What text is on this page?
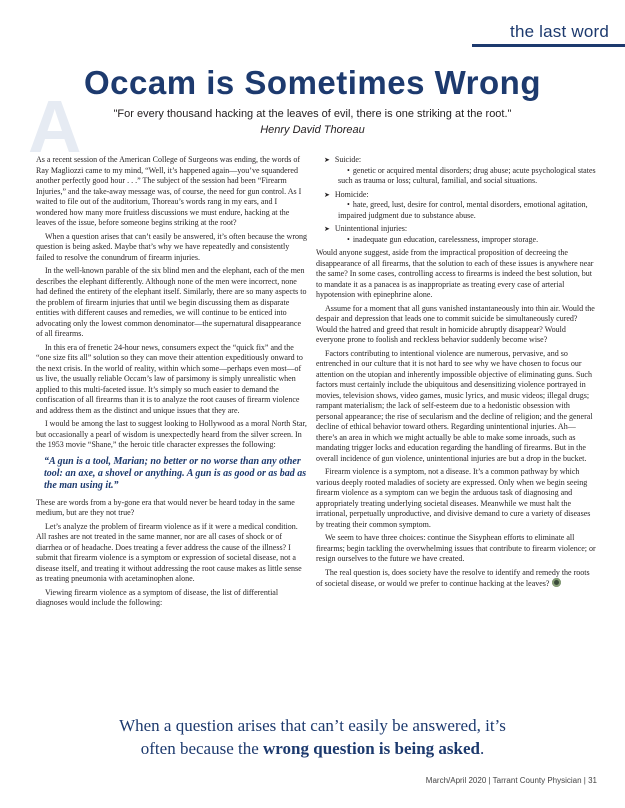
the last word
A
Occam is Sometimes Wrong
"For every thousand hacking at the leaves of evil, there is one striking at the root."
Henry David Thoreau

As a recent session of the American College of Surgeons was ending, the words of Ray Magliozzi came to my mind, “Well, it’s happened again—you’ve squandered another perfectly good hour . . .” The subject of the session had been “Firearm Injuries,” and the take-away message was, of course, the need for gun control. As I waited to file out of the auditorium, Thoreau’s words rang in my ears, and I wondered how many more fruitless discussions we must endure, hacking at the leaves of the issue, before someone begins striking at the root?

When a question arises that can’t easily be answered, it’s often because the wrong question is being asked. Maybe that’s why we have repeatedly and consistently failed to resolve the conundrum of firearm injuries.

In the well-known parable of the six blind men and the elephant, each of the men describes the elephant differently. Although none of the men were incorrect, none had defined the entirety of the elephant itself. Similarly, there are so many aspects to the problem of firearm injuries that until we begin discussing them as disparate entities with different causes and remedies, we will continue to be enticed into advocating only the lowest common denominator—the supernatural disappearance of all firearms.

In this era of frenetic 24-hour news, consumers expect the “quick fix” and the “one size fits all” solution so they can move their attention expeditiously onward to the next crisis. In the world of reality, within which some—perhaps even most—of us live, the usually reliable Occam’s law of parsimony is simply unrealistic when applied to this multi-faceted issue. It’s simply so much easier to demand the confiscation of all firearms than it is to analyze the root causes of firearm violence and address them as the distinct and unique issues that they are.

I would be among the last to suggest looking to Hollywood as a moral North Star, but occasionally a pearl of wisdom is unexpectedly heard from the silver screen. In the 1953 movie “Shane,” the heroic title character expresses the following:

“A gun is a tool, Marian; no better or no worse than any other tool: an axe, a shovel or anything. A gun is as good or as bad as the man using it.”

These are words from a by-gone era that would never be heard today in the same medium, but are they not true?

Let’s analyze the problem of firearm violence as if it were a medical condition. All rashes are not treated in the same manner, nor are all cases of shock or of diarrhea or of headache. Does treating a fever address the cause of the illness? I submit that firearm violence is a symptom or expression of societal disease, not a disease itself, and treating it without addressing the root cause makes as little sense as treating pneumonia with acetaminophen alone.

Viewing firearm violence as a symptom of disease, the list of differential diagnoses would include the following:

➤ Suicide:

• genetic or acquired mental disorders; drug abuse; acute psychological states such as trauma or loss; cultural, familial, and social situations.

➤ Homicide:

• hate, greed, lust, desire for control, mental disorders, emotional agitation, impaired judgment due to substance abuse.

➤ Unintentional injuries:

• inadequate gun education, carelessness, improper storage.

Would anyone suggest, aside from the impractical proposition of decreeing the disappearance of all firearms, that the solution to each of these issues is anywhere near the same? In some cases, controlling access to firearms is indeed the best solution, but to mandate it as a panacea is as inappropriate as treating every case of arterial hypotension with epinephrine alone.

Assume for a moment that all guns vanished instantaneously into thin air. Would the despair and depression that leads one to commit suicide be simultaneously cured? Would the hatred and greed that result in homicide abruptly disappear? Would everyone prone to foolish and reckless behavior suddenly become wise?

Factors contributing to intentional violence are numerous, pervasive, and so entrenched in our culture that it is not hard to see why we have chosen to focus our attention on the utopian and inherently impossible objective of eliminating guns. Such factors must certainly include the ubiquitous and desensitizing violence portrayed in movies, television shows, video games, music lyrics, and music videos; illegal drugs; rampant materialism; the lack of self-esteem due to a hedonistic obsession with personal appearance; the rise of secularism and the decline of religion; and the general decline of ethical behavior toward others. Regarding unintentional injuries. Ah—there’s an area in which we might actually be able to make some inroads, such as mandating trigger locks and education regarding the handling of firearms. But in the overall incidence of gun violence, unintentional injuries are but a drop in the bucket.

Firearm violence is a symptom, not a disease. It’s a common pathway by which various deeply rooted maladies of society are expressed. Only when we begin seeing firearm violence as a symptom can we begin the arduous task of diagnosing and appropriately treating underlying societal diseases. Meanwhile we must halt the irrational, perpetually unproductive, and divisive demand to cure a variety of diseases by treating their common symptom.

We seem to have three choices: continue the Sisyphean efforts to eliminate all firearms; begin tackling the overwhelming issues that contribute to firearm violence; or resign ourselves to the future we have created.

The real question is, does society have the resolve to identify and remedy the roots of societal disease, or would we prefer to continue hacking at the leaves?

When a question arises that can’t easily be answered, it’s
often because the wrong question is being asked.
March/April 2020 | Tarrant County Physician | 31
